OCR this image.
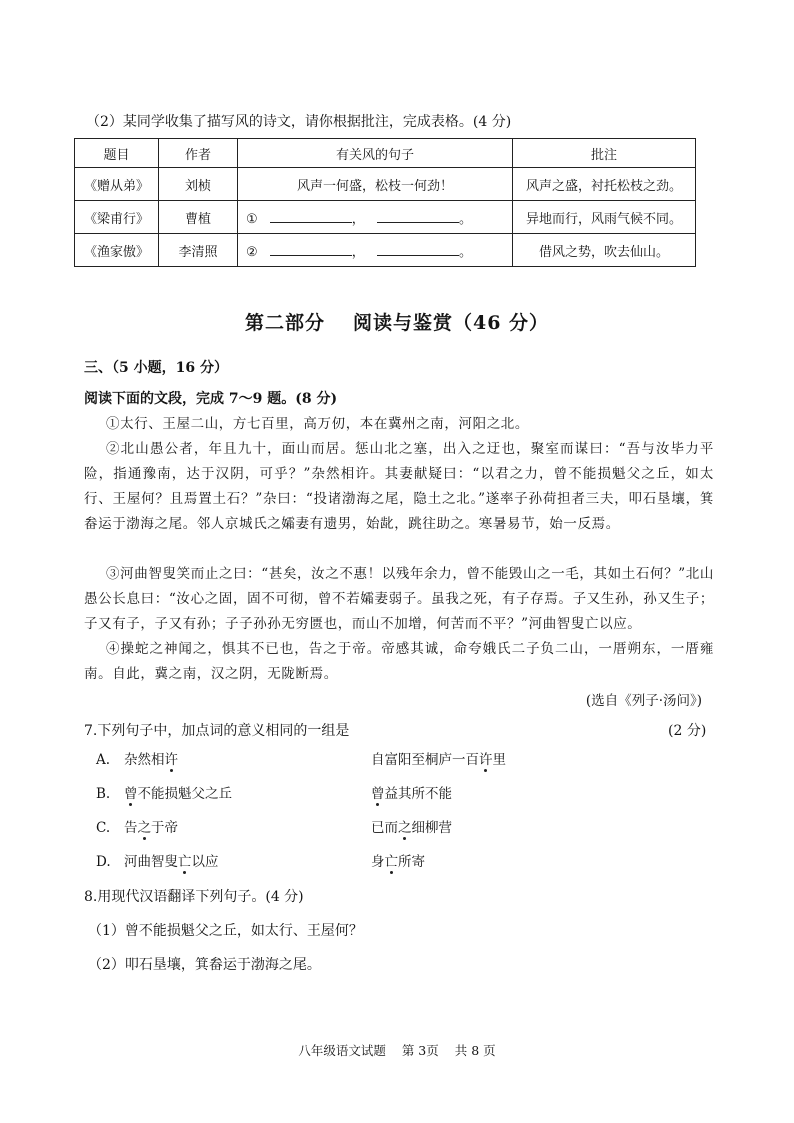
（2）某同学收集了描写风的诗文，请你根据批注，完成表格。(4 分)
题目	作者	有关风的句子	批注
《赠从弟》	刘桢	风声一何盛，松枝一何劲！	风声之盛，衬托松枝之劲。
《梁甫行》	曹植	① ， 。	异地而行，风雨气候不同。
《渔家傲》	李清照	② ， 。	借风之势，吹去仙山。
第二部分 阅读与鉴赏（46 分）
三、（5 小题，16 分）
阅读下面的文段，完成 7～9 题。(8 分)
①太行、王屋二山，方七百里，高万仞，本在冀州之南，河阳之北。
②北山愚公者，年且九十，面山而居。惩山北之塞，出入之迂也，聚室而谋曰：“吾与汝毕力平险，指通豫南，达于汉阴，可乎？”杂然相许。其妻献疑曰：“以君之力，曾不能损魁父之丘，如太行、王屋何？且焉置土石？”杂曰：“投诸渤海之尾，隐土之北。”遂率子孙荷担者三夫，叩石垦壤，箕畚运于渤海之尾。邻人京城氏之孀妻有遗男，始龀，跳往助之。寒暑易节，始一反焉。
③河曲智叟笑而止之曰：“甚矣，汝之不惠！以残年余力，曾不能毁山之一毛，其如土石何？”北山愚公长息曰：“汝心之固，固不可彻，曾不若孀妻弱子。虽我之死，有子存焉。子又生孙，孙又生子；子又有子，子又有孙；子子孙孙无穷匮也，而山不加增，何苦而不平？”河曲智叟亡以应。
④操蛇之神闻之，惧其不已也，告之于帝。帝感其诚，命夸娥氏二子负二山，一厝朔东，一厝雍南。自此，冀之南，汉之阴，无陇断焉。
(选自《列子·汤问》)
7.下列句子中，加点词的意义相同的一组是	(2 分)
A. 杂然相许	自富阳至桐庐一百许里
B. 曾不能损魁父之丘	曾益其所不能
C. 告之于帝	已而之细柳营
D. 河曲智叟亡以应	身亡所寄
8.用现代汉语翻译下列句子。(4 分)
（1）曾不能损魁父之丘，如太行、王屋何？
（2）叩石垦壤，箕畚运于渤海之尾。
八年级语文试题 第 3页 共 8 页
